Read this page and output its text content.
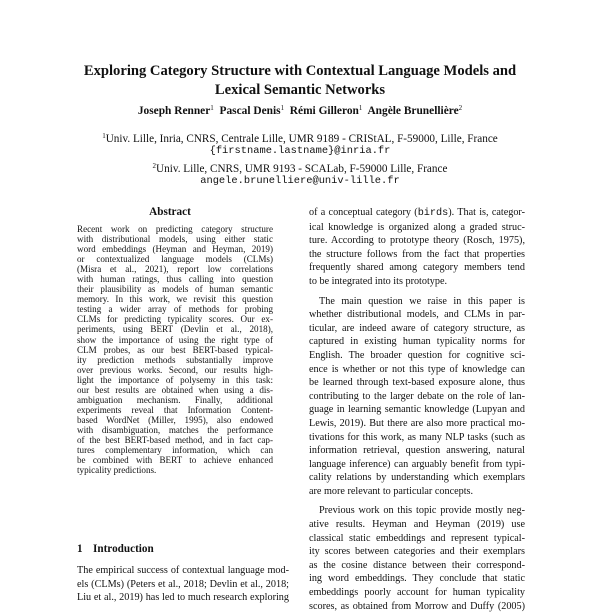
Exploring Category Structure with Contextual Language Models and
Lexical Semantic Networks
Joseph Renner$^1$ Pascal Denis$^1$ Rémi Gilleron$^1$ Angèle Brunellière$^2$
$^1$Univ. Lille, Inria, CNRS, Centrale Lille, UMR 9189 - CRIStAL, F-59000, Lille, France
{firstname.lastname}@inria.fr
$^2$Univ. Lille, CNRS, UMR 9193 - SCALab, F-59000 Lille, France
angele.brunelliere@univ-lille.fr
Abstract
Recent work on predicting category structure
with distributional models, using either static
word embeddings (Heyman and Heyman, 2019)
or contextualized language models (CLMs)
(Misra et al., 2021), report low correlations
with human ratings, thus calling into question
their plausibility as models of human semantic
memory. In this work, we revisit this question
testing a wider array of methods for probing
CLMs for predicting typicality scores. Our ex-
periments, using BERT (Devlin et al., 2018),
show the importance of using the right type of
CLM probes, as our best BERT-based typical-
ity prediction methods substantially improve
over previous works. Second, our results high-
light the importance of polysemy in this task:
our best results are obtained when using a dis-
ambiguation mechanism. Finally, additional
experiments reveal that Information Content-
based WordNet (Miller, 1995), also endowed
with disambiguation, matches the performance
of the best BERT-based method, and in fact cap-
tures complementary information, which can
be combined with BERT to achieve enhanced
typicality predictions.
1 Introduction
The empirical success of contextual language mod-
els (CLMs) (Peters et al., 2018; Devlin et al., 2018;
Liu et al., 2019) has led to much research exploring
of a conceptual category (birds). That is, categor-
ical knowledge is organized along a graded struc-
ture. According to prototype theory (Rosch, 1975),
the structure follows from the fact that properties
frequently shared among category members tend
to be integrated into its prototype.
The main question we raise in this paper is
whether distributional models, and CLMs in par-
ticular, are indeed aware of category structure, as
captured in existing human typicality norms for
English. The broader question for cognitive sci-
ence is whether or not this type of knowledge can
be learned through text-based exposure alone, thus
contributing to the larger debate on the role of lan-
guage in learning semantic knowledge (Lupyan and
Lewis, 2019). But there are also more practical mo-
tivations for this work, as many NLP tasks (such as
information retrieval, question answering, natural
language inference) can arguably benefit from typi-
cality relations by understanding which exemplars
are more relevant to particular concepts.
Previous work on this topic provide mostly neg-
ative results. Heyman and Heyman (2019) use
classical static embeddings and represent typical-
ity scores between categories and their exemplars
as the cosine distance between their correspond-
ing word embeddings. They conclude that static
embeddings poorly account for human typicality
scores, as obtained from Morrow and Duffy (2005)
